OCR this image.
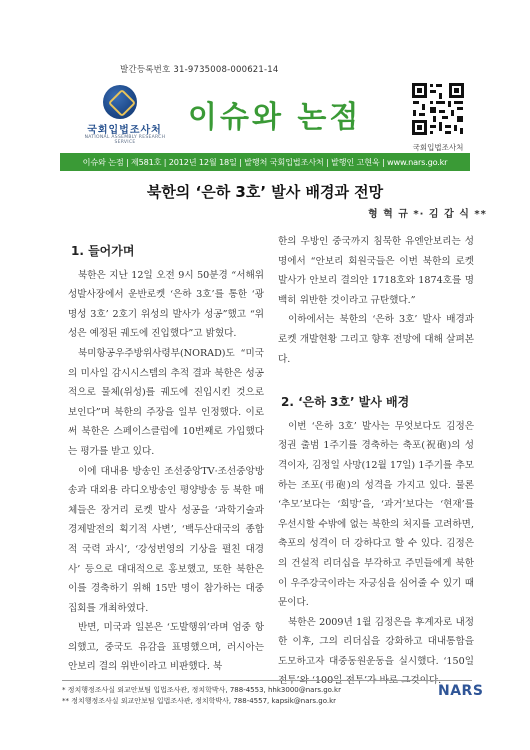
발간등록번호 31-9735008-000621-14
국회입법조사처
NATIONAL ASSEMBLY RESEARCH SERVICE
이슈와 논점
국회입법조사처
이슈와 논점 | 제581호 | 2012년 12월 18일 | 발행처 국회입법조사처 | 발행인 고현욱 | www.nars.go.kr
북한의 ‘은하 3호’ 발사 배경과 전망
형 혁 규 *· 김 갑 식 **
1. 들어가며

북한은 지난 12일 오전 9시 50분경 “서해위성발사장에서 운반로켓 ‘은하 3호’를 통한 ‘광명성 3호’ 2호기 위성의 발사가 성공”했고 “위성은 예정된 궤도에 진입했다”고 밝혔다.

북미항공우주방위사령부(NORAD)도 “미국의 미사일 감시시스템의 추적 결과 북한은 성공적으로 물체(위성)를 궤도에 진입시킨 것으로 보인다”며 북한의 주장을 일부 인정했다. 이로써 북한은 스페이스클럽에 10번째로 가입했다는 평가를 받고 있다.

이에 대내용 방송인 조선중앙TV·조선중앙방송과 대외용 라디오방송인 평양방송 등 북한 매체들은 장거리 로켓 발사 성공을 ‘과학기술과 경제발전의 획기적 사변’, ‘백두산대국의 종합적 국력 과시’, ‘강성번영의 기상을 펼친 대경사’ 등으로 대대적으로 홍보했고, 또한 북한은 이를 경축하기 위해 15만 명이 참가하는 대중집회를 개최하였다.

반면, 미국과 일본은 ‘도발행위’라며 엄중 항의했고, 중국도 유감을 표명했으며, 러시아는 안보리 결의 위반이라고 비판했다. 북

한의 우방인 중국까지 침묵한 유엔안보리는 성명에서 “안보리 회원국들은 이번 북한의 로켓 발사가 안보리 결의안 1718호와 1874호를 명백히 위반한 것이라고 규탄했다.”

이하에서는 북한의 ‘은하 3호’ 발사 배경과 로켓 개발현황 그리고 향후 전망에 대해 살펴본다.

2. ‘은하 3호’ 발사 배경

이번 ‘은하 3호’ 발사는 무엇보다도 김정은 정권 출범 1주기를 경축하는 축포(祝砲)의 성격이자, 김정일 사망(12월 17일) 1주기를 추모하는 조포(弔砲)의 성격을 가지고 있다. 물론 ‘추모’보다는 ‘희망’을, ‘과거’보다는 ‘현재’를 우선시할 수밖에 없는 북한의 처지를 고려하면, 축포의 성격이 더 강하다고 할 수 있다. 김정은의 건설적 리더십을 부각하고 주민들에게 북한이 우주강국이라는 자긍심을 심어줄 수 있기 때문이다.

북한은 2009년 1월 김정은을 후계자로 내정한 이후, 그의 리더십을 강화하고 대내통합을 도모하고자 대중동원운동을 실시했다. ‘150일 전투’와 ‘100일 전투’가 바로 그것이다.

* 정치행정조사실 외교안보팀 입법조사관, 정치학박사, 788-4553, hhk3000@nars.go.kr
** 정치행정조사실 외교안보팀 입법조사관, 정치학박사, 788-4557, kapsik@nars.go.kr
NARS
